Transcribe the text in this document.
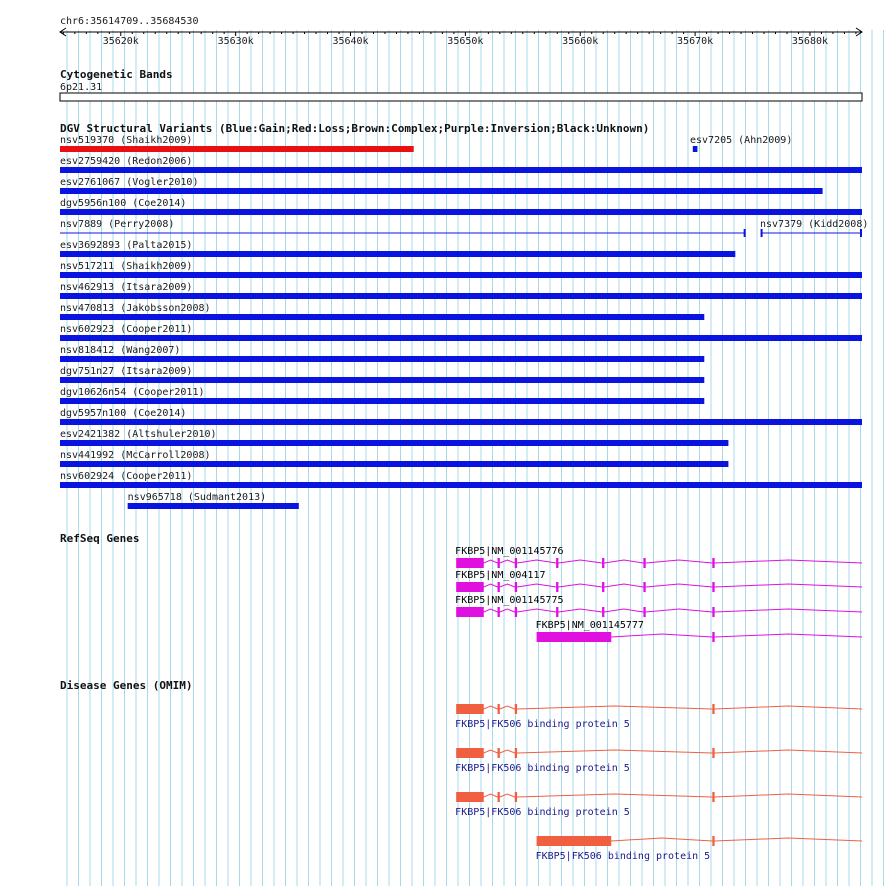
chr6:35614709..35684530
35620k	35630k	35640k	35650k	35660k	35670k	35680k
Cytogenetic Bands
6p21.31
DGV Structural Variants (Blue:Gain;Red:Loss;Brown:Complex;Purple:Inversion;Black:Unknown)
nsv519370 (Shaikh2009)	esv7205 (Ahn2009)
esv2759420 (Redon2006)
esv2761067 (Vogler2010)
dgv5956n100 (Coe2014)
nsv7889 (Perry2008)	nsv7379 (Kidd2008)
esv3692893 (Palta2015)
nsv517211 (Shaikh2009)
nsv462913 (Itsara2009)
nsv470813 (Jakobsson2008)
nsv602923 (Cooper2011)
nsv818412 (Wang2007)
dgv751n27 (Itsara2009)
dgv10626n54 (Cooper2011)
dgv5957n100 (Coe2014)
esv2421382 (Altshuler2010)
nsv441992 (McCarroll2008)
nsv602924 (Cooper2011)
nsv965718 (Sudmant2013)
RefSeq Genes
FKBP5|NM_001145776
FKBP5|NM_004117
FKBP5|NM_001145775
FKBP5|NM_001145777
Disease Genes (OMIM)
FKBP5|FK506 binding protein 5
FKBP5|FK506 binding protein 5
FKBP5|FK506 binding protein 5
FKBP5|FK506 binding protein 5
